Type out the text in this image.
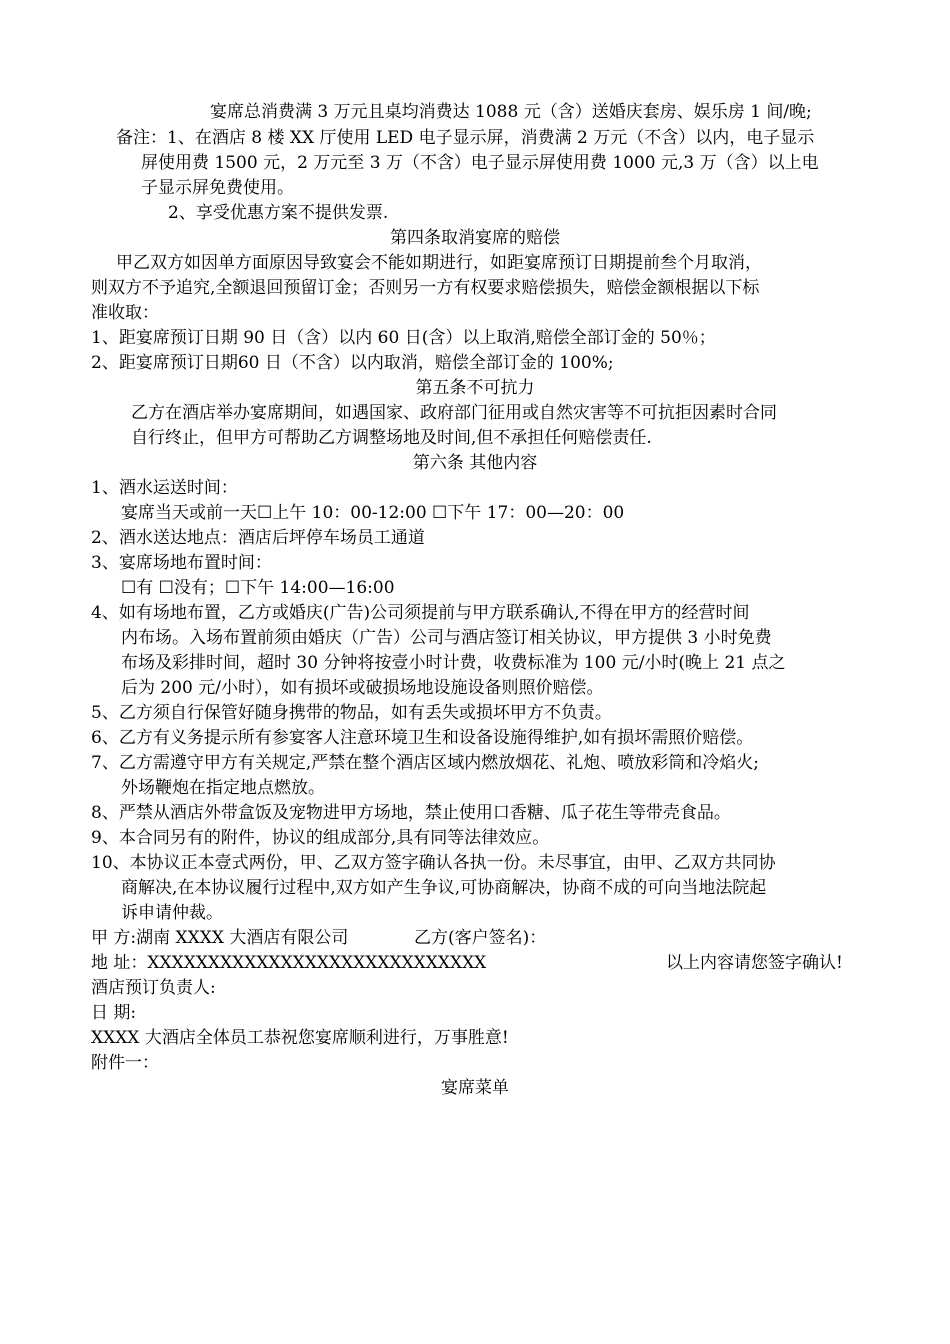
宴席总消费满 3 万元且桌均消费达 1088 元（含）送婚庆套房、娱乐房 1 间/晚;
备注：1、在酒店 8 楼 XX 厅使用 LED 电子显示屏，消费满 2 万元（不含）以内，电子显示
屏使用费 1500 元，2 万元至 3 万（不含）电子显示屏使用费 1000 元,3 万（含）以上电
子显示屏免费使用。
2、享受优惠方案不提供发票.
第四条取消宴席的赔偿
甲乙双方如因单方面原因导致宴会不能如期进行，如距宴席预订日期提前叁个月取消，
则双方不予追究,全额退回预留订金；否则另一方有权要求赔偿损失，赔偿金额根据以下标
准收取：
1、距宴席预订日期 90 日（含）以内 60 日(含）以上取消,赔偿全部订金的 50％；
2、距宴席预订日期60 日（不含）以内取消，赔偿全部订金的 100%;
第五条不可抗力
乙方在酒店举办宴席期间，如遇国家、政府部门征用或自然灾害等不可抗拒因素时合同
自行终止，但甲方可帮助乙方调整场地及时间,但不承担任何赔偿责任.
第六条 其他内容
1、酒水运送时间：
宴席当天或前一天☐上午 10：00-12:00 ☐下午 17：00—20：00
2、酒水送达地点：酒店后坪停车场员工通道
3、宴席场地布置时间：
☐有 ☐没有；☐下午 14:00—16:00
4、如有场地布置，乙方或婚庆(广告)公司须提前与甲方联系确认,不得在甲方的经营时间
内布场。入场布置前须由婚庆（广告）公司与酒店签订相关协议，甲方提供 3 小时免费
布场及彩排时间，超时 30 分钟将按壹小时计费，收费标准为 100 元/小时(晚上 21 点之
后为 200 元/小时），如有损坏或破损场地设施设备则照价赔偿。
5、乙方须自行保管好随身携带的物品，如有丢失或损坏甲方不负责。
6、乙方有义务提示所有参宴客人注意环境卫生和设备设施得维护,如有损坏需照价赔偿。
7、乙方需遵守甲方有关规定,严禁在整个酒店区域内燃放烟花、礼炮、喷放彩筒和冷焰火;
外场鞭炮在指定地点燃放。
8、严禁从酒店外带盒饭及宠物进甲方场地，禁止使用口香糖、瓜子花生等带壳食品。
9、本合同另有的附件，协议的组成部分,具有同等法律效应。
10、本协议正本壹式两份，甲、乙双方签字确认各执一份。未尽事宜，由甲、乙双方共同协
商解决,在本协议履行过程中,双方如产生争议,可协商解决，协商不成的可向当地法院起
诉申请仲裁。
甲 方:湖南 XXXX 大酒店有限公司	乙方(客户签名)：
地 址：XXXXXXXXXXXXXXXXXXXXXXXXXXXX	以上内容请您签字确认!
酒店预订负责人:
日 期:
XXXX 大酒店全体员工恭祝您宴席顺利进行，万事胜意!
附件一：
宴席菜单
